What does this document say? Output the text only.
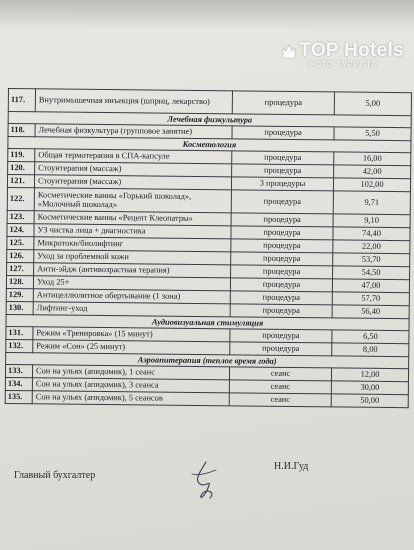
TOP Hotels
ФОТО ТУРИСТА
117.	Внутримышечная инъекция (шприц, лекарство)	процедура	5,00
Лечебная физкультура			
118.	Лечебная физкультура (групповое занятие)	процедура	5,50
Косметология			
119.	Общая термотерапия в СПА-капсуле	процедура	16,00
120.	Стоунтерапия (массаж)	процедура	42,00
121.	Стоунтерапия (массаж)	3 процедуры	102,00
122.	Косметические ванны «Горький шоколад», «Молочный шоколад»	процедура	9,71
123.	Косметические ванны «Рецепт Клеопатры»	процедура	9,10
124.	УЗ чистка лица + диагностика	процедура	74,40
125.	Микротоки/биолифтинг	процедура	22,00
126.	Уход за проблемной кожи	процедура	53,70
127.	Анти-эйдж (антивозрастная терапия)	процедура	54,50
128.	Уход 25+	процедура	47,00
129.	Антицеллюлитное обертывание (1 зона)	процедура	57,70
130.	Лифтинг-уход	процедура	56,40
Аудиовизуальная стимуляция			
131.	Режим «Тренировка» (15 минут)	процедура	6,50
132.	Режим «Сон» (25 минут)	процедура	8,00
Аэроапитерапия (теплое время года)			
133.	Сон на ульях (апидомик), 1 сеанс	сеанс	12,00
134.	Сон на ульях (апидомик), 3 сеанса	сеанс	30,00
135.	Сон на ульях (апидомик), 5 сеансов	сеанс	50,00
Главный бухгалтер
Н.И.Гуд
